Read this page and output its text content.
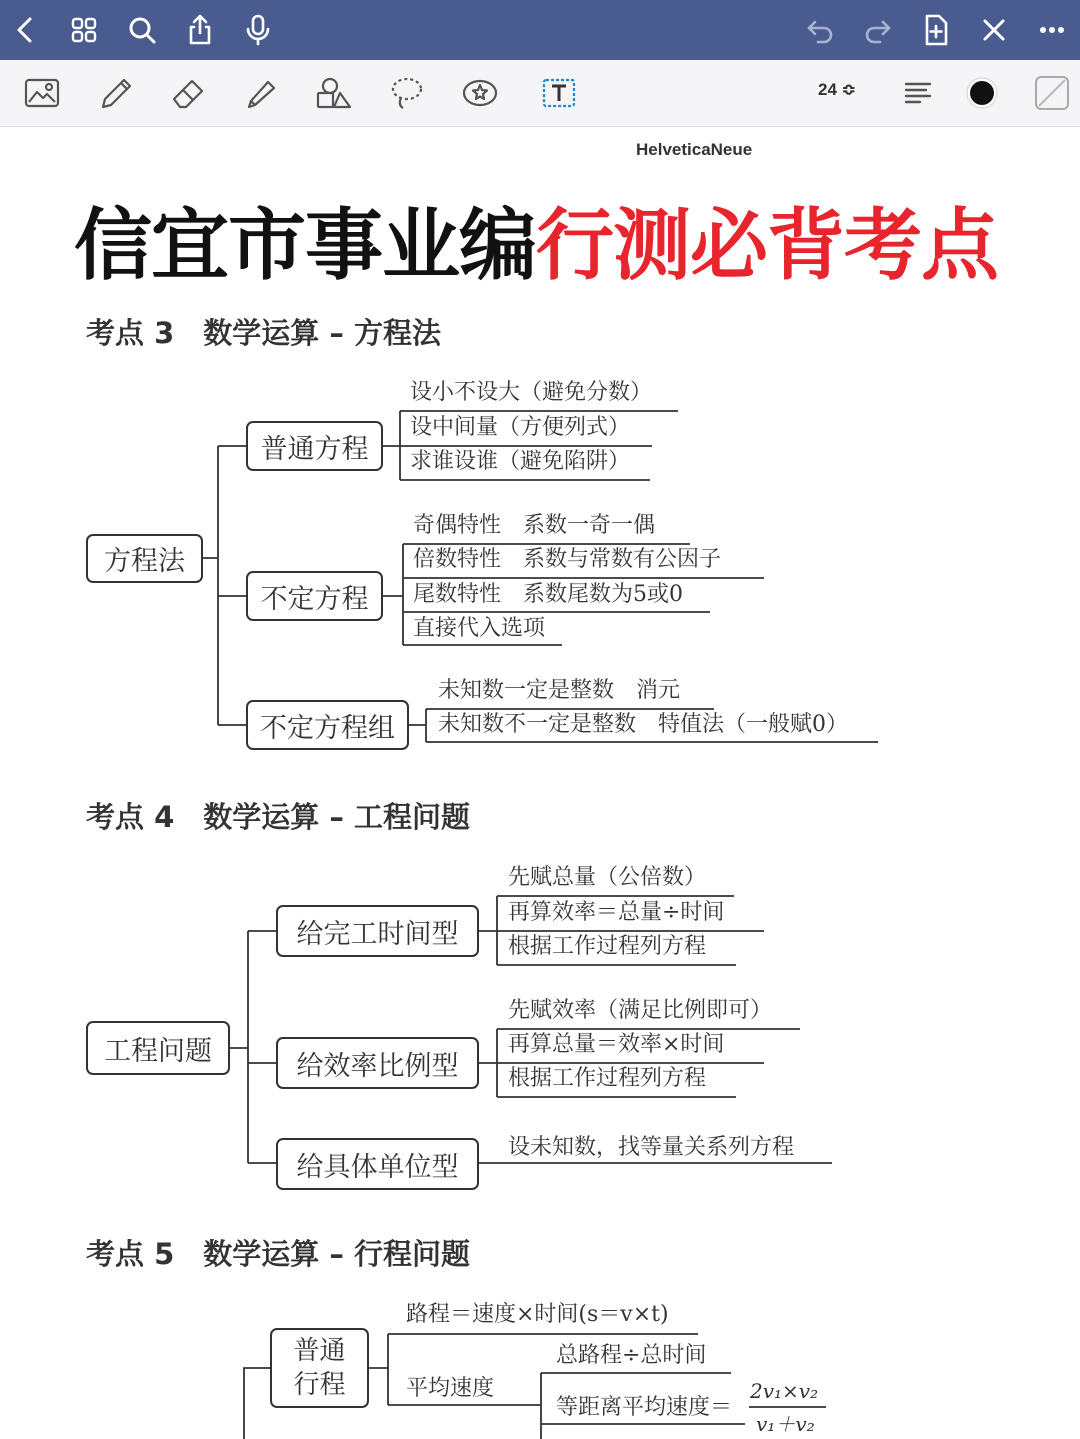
HelveticaNeue
24 ≎
信宜市事业编行测必背考点
考点 3　数学运算 – 方程法
方程法
普通方程
不定方程
不定方程组
设小不设大（避免分数）
设中间量（方便列式）
求谁设谁（避免陷阱）
奇偶特性　系数一奇一偶
倍数特性　系数与常数有公因子
尾数特性　系数尾数为5或0
直接代入选项
未知数一定是整数　消元
未知数不一定是整数　特值法（一般赋0）
考点 4　数学运算 – 工程问题
工程问题
给完工时间型
给效率比例型
给具体单位型
先赋总量（公倍数）
再算效率＝总量÷时间
根据工作过程列方程
先赋效率（满足比例即可）
再算总量＝效率×时间
根据工作过程列方程
设未知数，找等量关系列方程
考点 5　数学运算 – 行程问题
普通
行程
路程＝速度×时间(s＝v×t)
平均速度
总路程÷总时间
等距离平均速度＝
2v₁×v₂
v₁＋v₂
